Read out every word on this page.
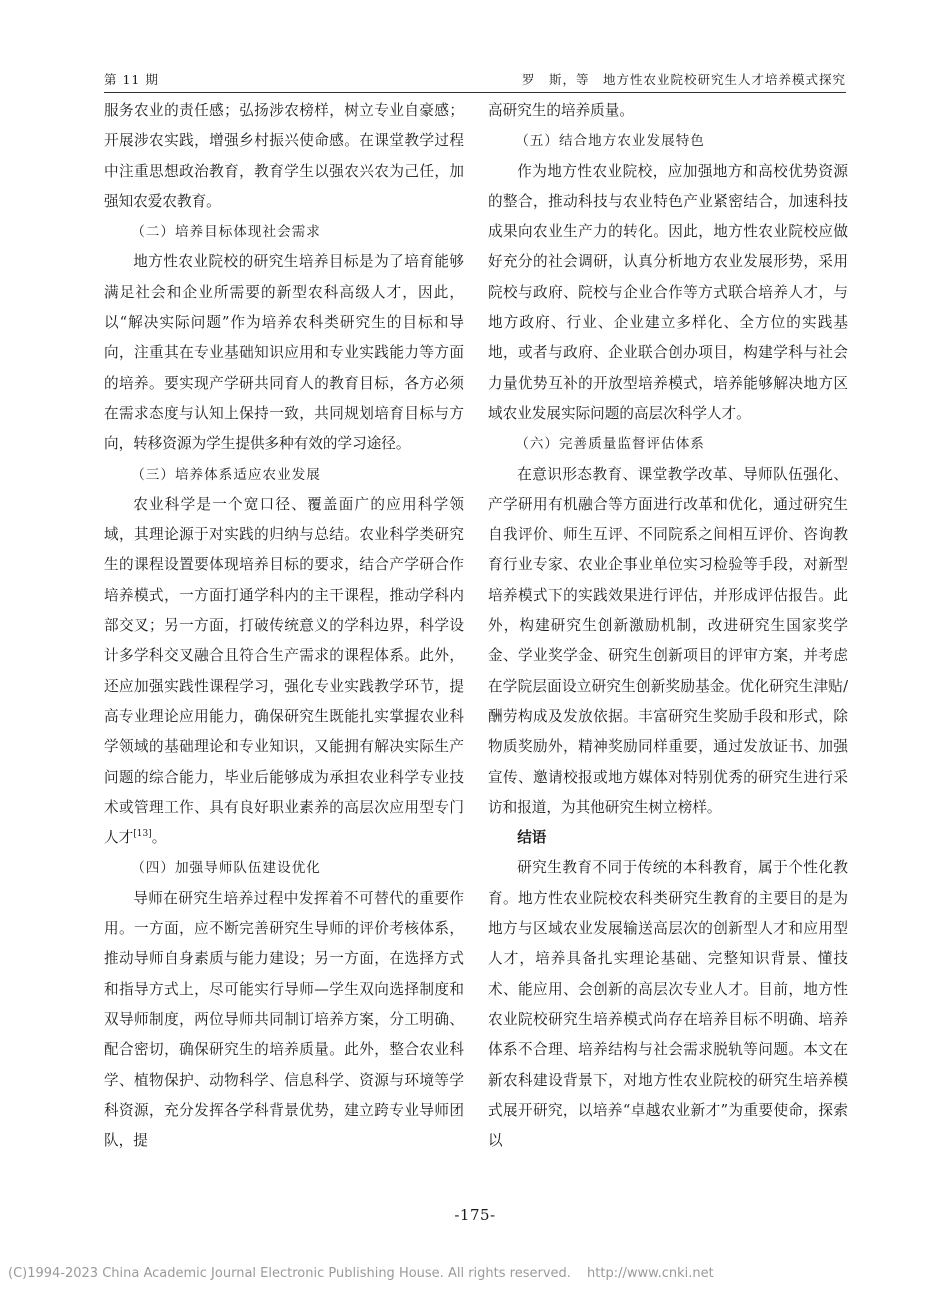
第 11 期	罗　斯，等　地方性农业院校研究生人才培养模式探究

服务农业的责任感；弘扬涉农榜样，树立专业自豪感；开展涉农实践，增强乡村振兴使命感。在课堂教学过程中注重思想政治教育，教育学生以强农兴农为己任，加强知农爱农教育。

（二）培养目标体现社会需求

地方性农业院校的研究生培养目标是为了培育能够满足社会和企业所需要的新型农科高级人才，因此，以“解决实际问题”作为培养农科类研究生的目标和导向，注重其在专业基础知识应用和专业实践能力等方面的培养。要实现产学研共同育人的教育目标，各方必须在需求态度与认知上保持一致，共同规划培育目标与方向，转移资源为学生提供多种有效的学习途径。

（三）培养体系适应农业发展

农业科学是一个宽口径、覆盖面广的应用科学领域，其理论源于对实践的归纳与总结。农业科学类研究生的课程设置要体现培养目标的要求，结合产学研合作培养模式，一方面打通学科内的主干课程，推动学科内部交叉；另一方面，打破传统意义的学科边界，科学设计多学科交叉融合且符合生产需求的课程体系。此外，还应加强实践性课程学习，强化专业实践教学环节，提高专业理论应用能力，确保研究生既能扎实掌握农业科学领域的基础理论和专业知识，又能拥有解决实际生产问题的综合能力，毕业后能够成为承担农业科学专业技术或管理工作、具有良好职业素养的高层次应用型专门人才[13]。

（四）加强导师队伍建设优化

导师在研究生培养过程中发挥着不可替代的重要作用。一方面，应不断完善研究生导师的评价考核体系，推动导师自身素质与能力建设；另一方面，在选择方式和指导方式上，尽可能实行导师—学生双向选择制度和双导师制度，两位导师共同制订培养方案，分工明确、配合密切，确保研究生的培养质量。此外，整合农业科学、植物保护、动物科学、信息科学、资源与环境等学科资源，充分发挥各学科背景优势，建立跨专业导师团队，提

高研究生的培养质量。

（五）结合地方农业发展特色

作为地方性农业院校，应加强地方和高校优势资源的整合，推动科技与农业特色产业紧密结合，加速科技成果向农业生产力的转化。因此，地方性农业院校应做好充分的社会调研，认真分析地方农业发展形势，采用院校与政府、院校与企业合作等方式联合培养人才，与地方政府、行业、企业建立多样化、全方位的实践基地，或者与政府、企业联合创办项目，构建学科与社会力量优势互补的开放型培养模式，培养能够解决地方区域农业发展实际问题的高层次科学人才。

（六）完善质量监督评估体系

在意识形态教育、课堂教学改革、导师队伍强化、产学研用有机融合等方面进行改革和优化，通过研究生自我评价、师生互评、不同院系之间相互评价、咨询教育行业专家、农业企事业单位实习检验等手段，对新型培养模式下的实践效果进行评估，并形成评估报告。此外，构建研究生创新激励机制，改进研究生国家奖学金、学业奖学金、研究生创新项目的评审方案，并考虑在学院层面设立研究生创新奖励基金。优化研究生津贴/酬劳构成及发放依据。丰富研究生奖励手段和形式，除物质奖励外，精神奖励同样重要，通过发放证书、加强宣传、邀请校报或地方媒体对特别优秀的研究生进行采访和报道，为其他研究生树立榜样。

结语

研究生教育不同于传统的本科教育，属于个性化教育。地方性农业院校农科类研究生教育的主要目的是为地方与区域农业发展输送高层次的创新型人才和应用型人才，培养具备扎实理论基础、完整知识背景、懂技术、能应用、会创新的高层次专业人才。目前，地方性农业院校研究生培养模式尚存在培养目标不明确、培养体系不合理、培养结构与社会需求脱轨等问题。本文在新农科建设背景下，对地方性农业院校的研究生培养模式展开研究，以培养“卓越农业新才”为重要使命，探索以

-175-
(C)1994-2023 China Academic Journal Electronic Publishing House. All rights reserved. http://www.cnki.net
